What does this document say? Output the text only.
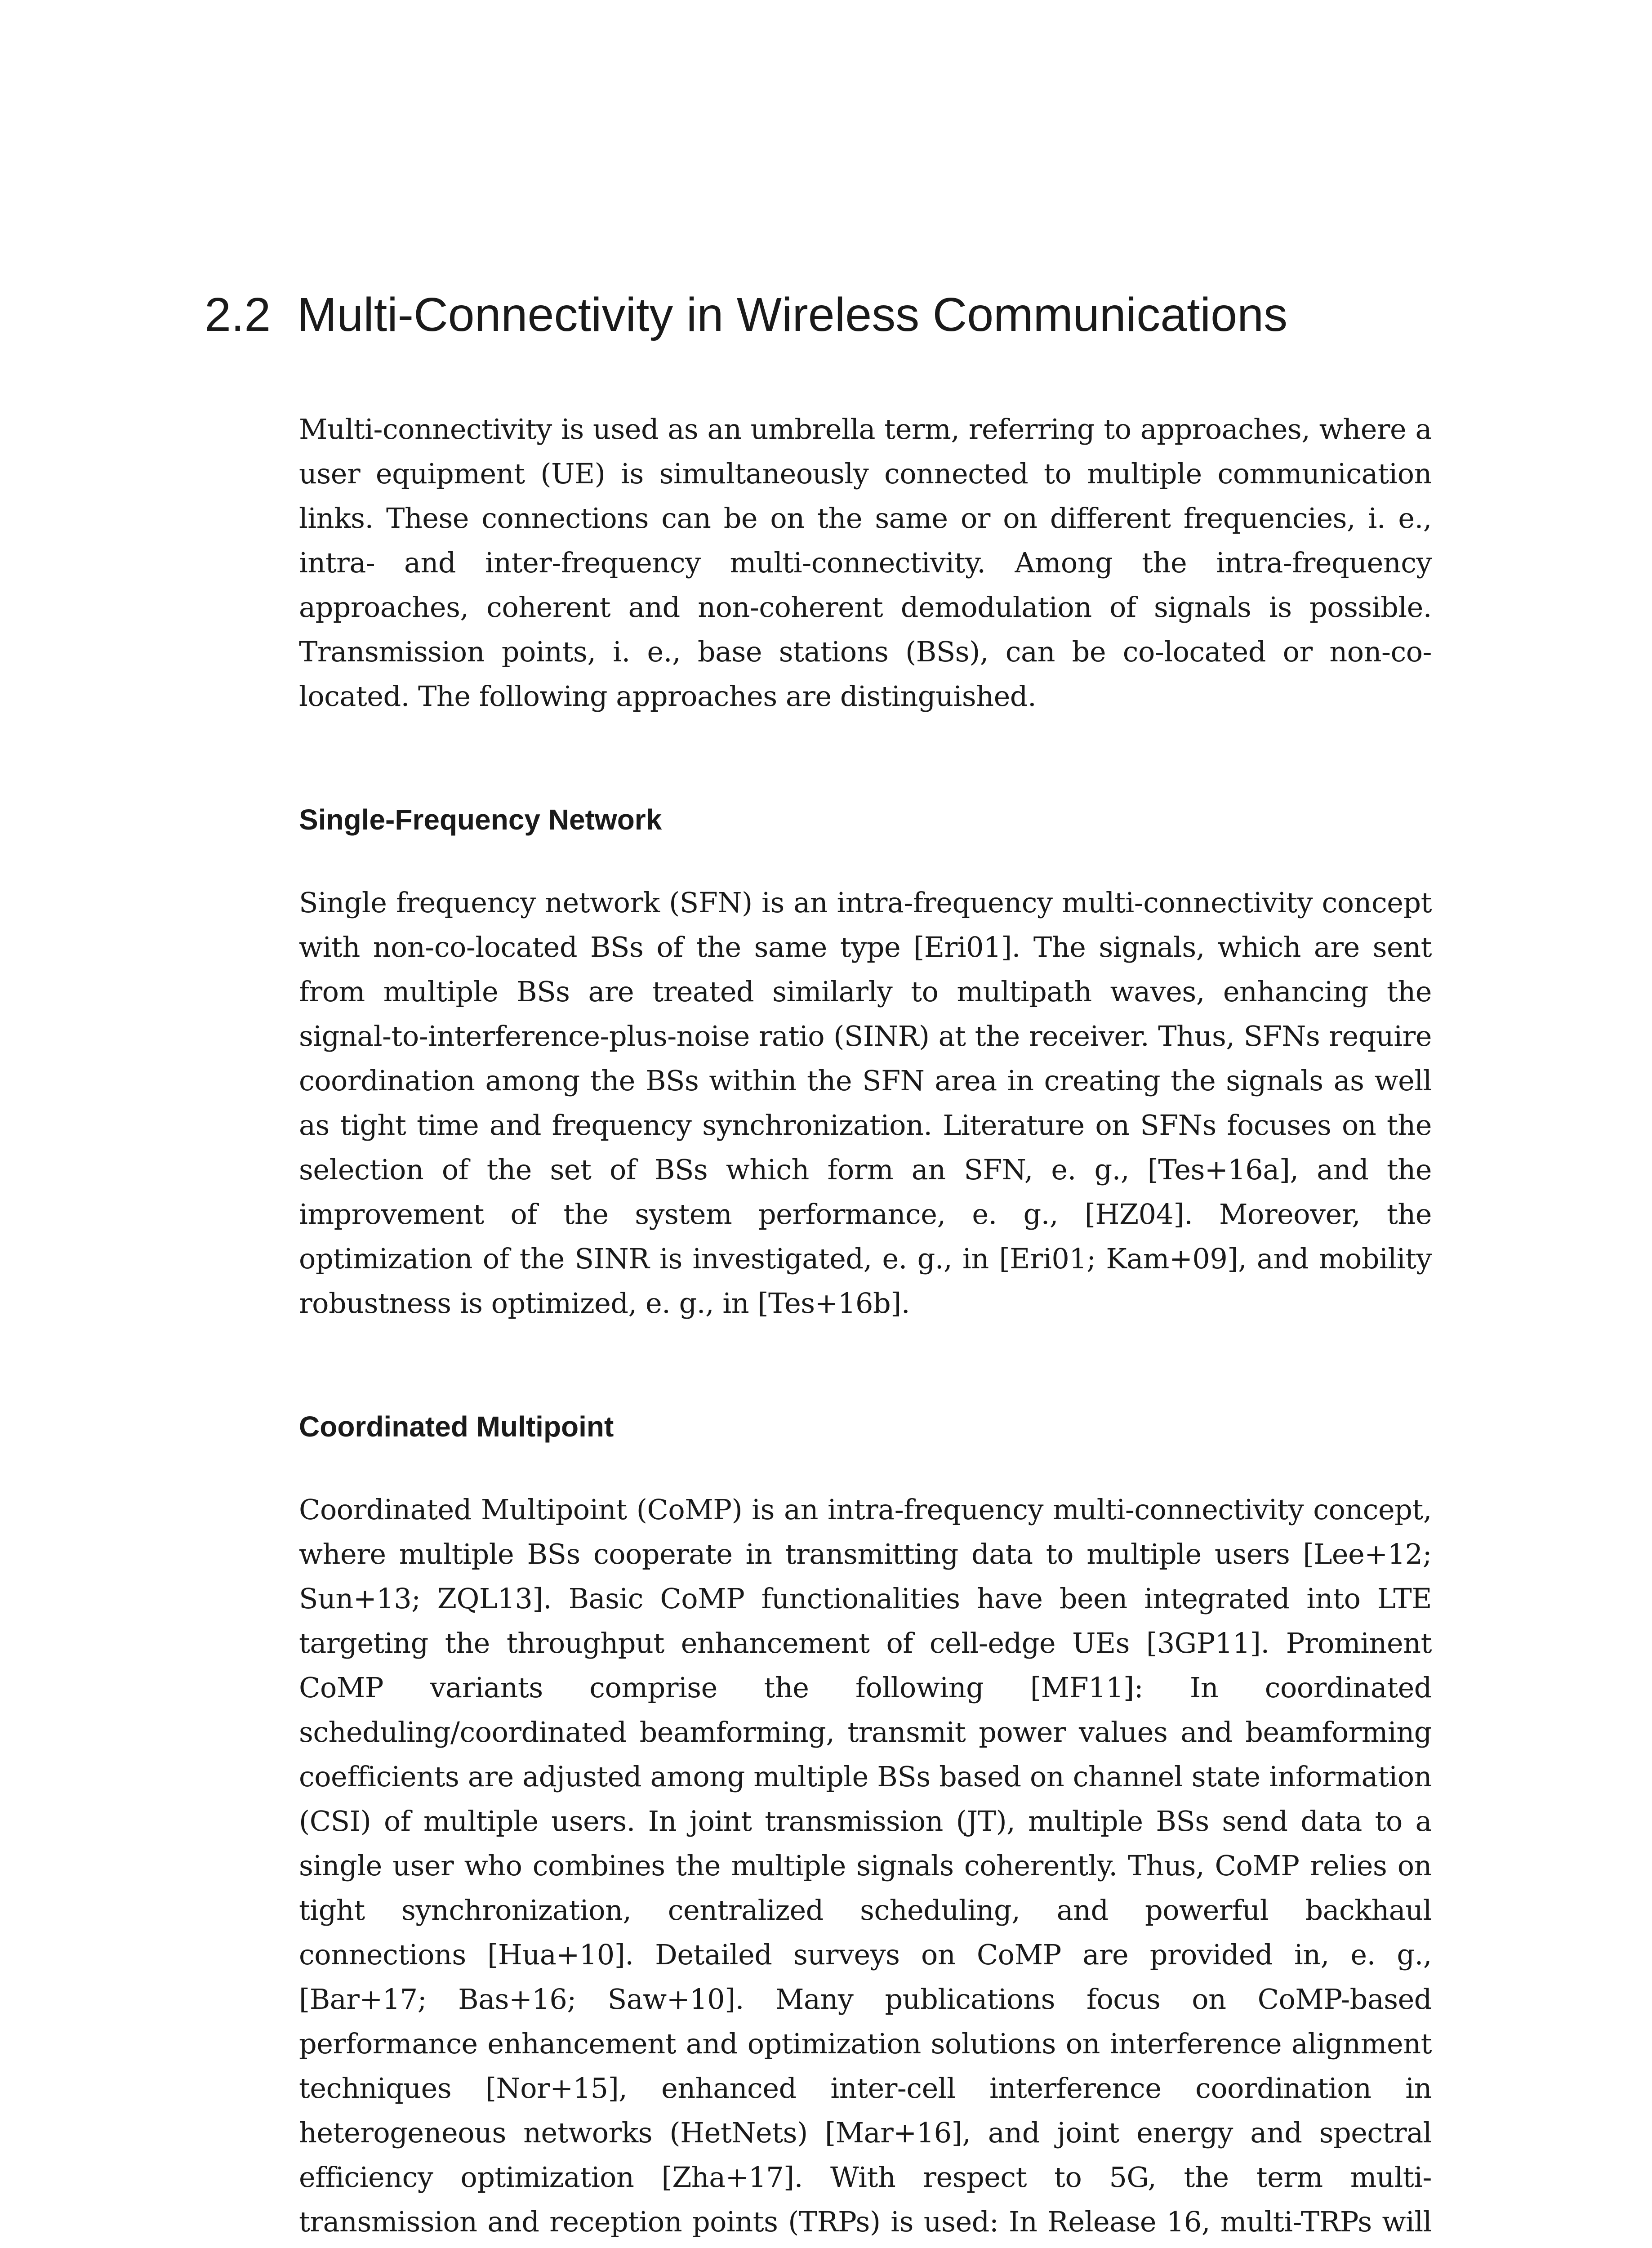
2.2 Multi-Connectivity in Wireless Communications

Multi-connectivity is used as an umbrella term, referring to approaches, where a user equipment (UE) is simultaneously connected to multiple communication links. These connections can be on the same or on different frequencies, i. e., intra- and inter-frequency multi-connectivity. Among the intra-frequency approaches, coherent and non-coherent demodulation of signals is possible. Transmission points, i. e., base stations (BSs), can be co-located or non-co-located. The following approaches are distinguished.

Single-Frequency Network

Single frequency network (SFN) is an intra-frequency multi-connectivity concept with non-co-located BSs of the same type [Eri01]. The signals, which are sent from multiple BSs are treated similarly to multipath waves, enhancing the signal-to-interference-plus-noise ratio (SINR) at the receiver. Thus, SFNs require coordination among the BSs within the SFN area in creating the signals as well as tight time and frequency synchronization. Literature on SFNs focuses on the selection of the set of BSs which form an SFN, e. g., [Tes+16a], and the improvement of the system performance, e. g., [HZ04]. Moreover, the optimization of the SINR is investigated, e. g., in [Eri01; Kam+09], and mobility robustness is optimized, e. g., in [Tes+16b].

Coordinated Multipoint

Coordinated Multipoint (CoMP) is an intra-frequency multi-connectivity concept, where multiple BSs cooperate in transmitting data to multiple users [Lee+12; Sun+13; ZQL13]. Basic CoMP functionalities have been integrated into LTE targeting the throughput enhancement of cell-edge UEs [3GP11]. Prominent CoMP variants comprise the following [MF11]: In coordinated scheduling/coordinated beamforming, transmit power values and beamforming coefficients are adjusted among multiple BSs based on channel state information (CSI) of multiple users. In joint transmission (JT), multiple BSs send data to a single user who combines the multiple signals coherently. Thus, CoMP relies on tight synchronization, centralized scheduling, and powerful backhaul connections [Hua+10]. Detailed surveys on CoMP are provided in, e. g., [Bar+17; Bas+16; Saw+10]. Many publications focus on CoMP-based performance enhancement and optimization solutions on interference alignment techniques [Nor+15], enhanced inter-cell interference coordination in heterogeneous networks (HetNets) [Mar+16], and joint energy and spectral efficiency optimization [Zha+17]. With respect to 5G, the term multi-transmission and reception points (TRPs) is used: In Release 16, multi-TRPs will
